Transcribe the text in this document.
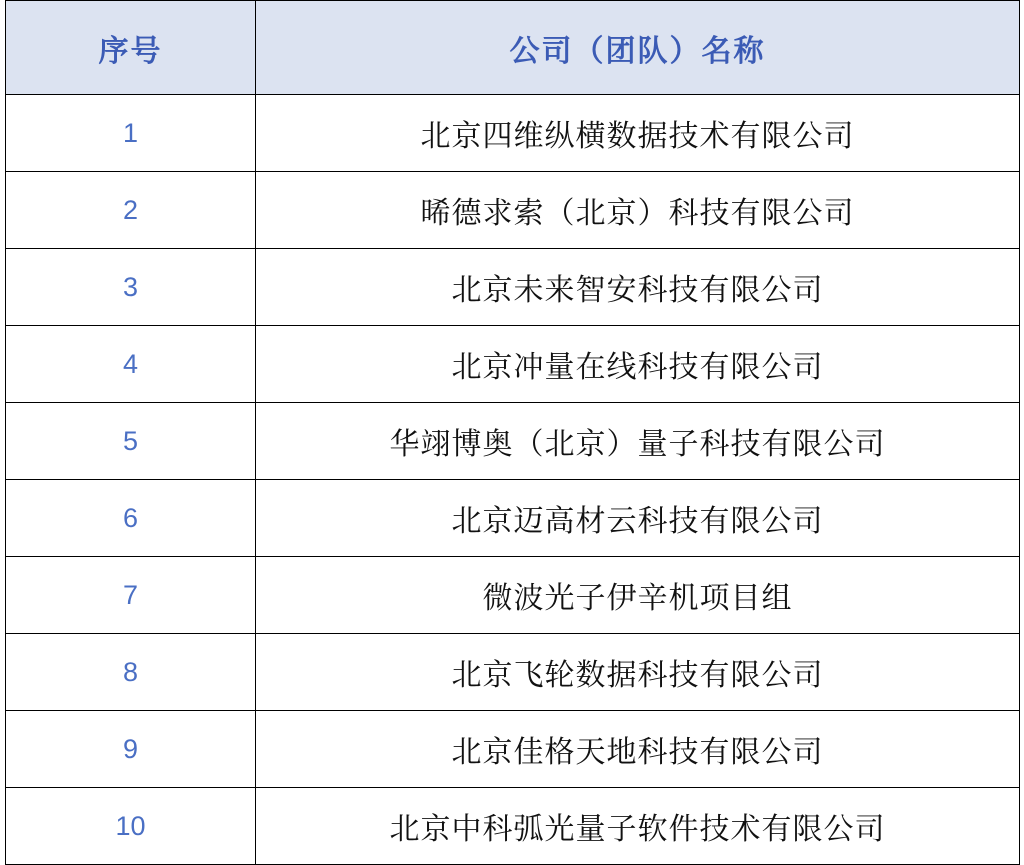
序号	公司（团队）名称
1	北京四维纵横数据技术有限公司
2	晞德求索（北京）科技有限公司
3	北京未来智安科技有限公司
4	北京冲量在线科技有限公司
5	华翊博奥（北京）量子科技有限公司
6	北京迈高材云科技有限公司
7	微波光子伊辛机项目组
8	北京飞轮数据科技有限公司
9	北京佳格天地科技有限公司
10	北京中科弧光量子软件技术有限公司
